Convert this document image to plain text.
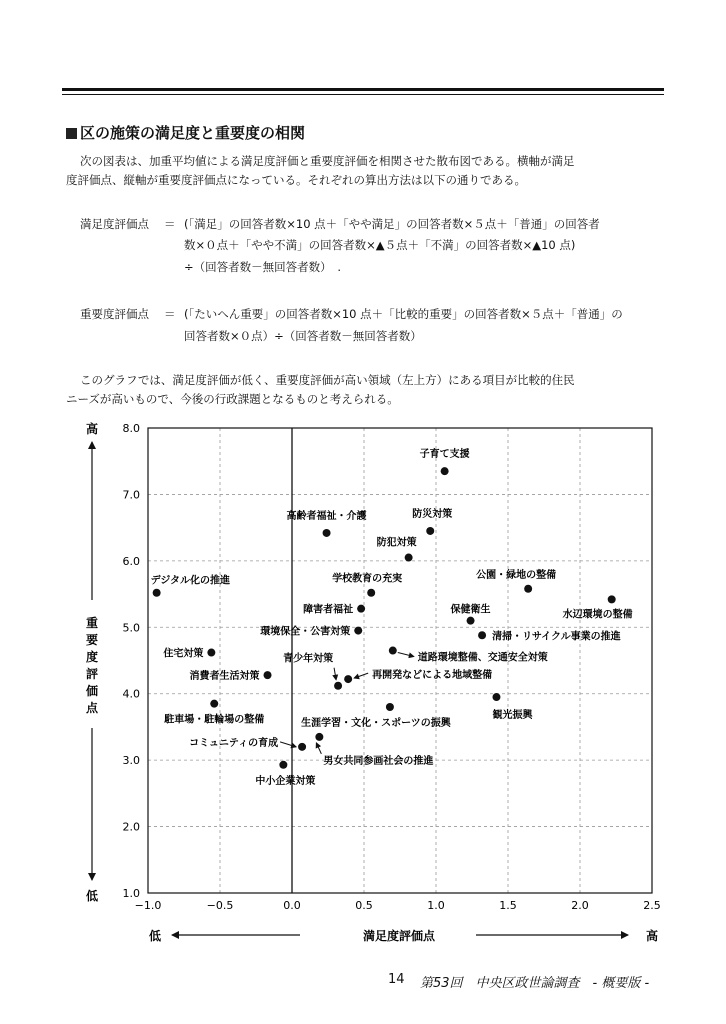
区の施策の満足度と重要度の相関
次の図表は、加重平均値による満足度評価と重要度評価を相関させた散布図である。横軸が満足
度評価点、縦軸が重要度評価点になっている。それぞれの算出方法は以下の通りである。
満足度評価点 ＝ (「満足」の回答者数×10 点＋「やや満足」の回答者数×５点＋「普通」の回答者
数×０点＋「やや不満」の回答者数×▲５点＋「不満」の回答者数×▲10 点)
÷（回答者数－無回答者数）　.
重要度評価点 ＝ (「たいへん重要」の回答者数×10 点＋「比較的重要」の回答者数×５点＋「普通」の
回答者数×０点）÷（回答者数－無回答者数）
このグラフでは、満足度評価が低く、重要度評価が高い領域（左上方）にある項目が比較的住民
ニーズが高いもので、今後の行政課題となるものと考えられる。
−1.0	−0.5	0.0	0.5	1.0	1.5	2.0	2.5
1.0
2.0
3.0
4.0
5.0
6.0
7.0
8.0
子育て支援
高齢者福祉・介護	防災対策
防犯対策
デジタル化の推進	学校教育の充実	公園・緑地の整備
水辺環境の整備
障害者福祉	保健衛生
環境保全・公害対策	清掃・リサイクル事業の推進
住宅対策	道路環境整備、交通安全対策
消費者生活対策
青少年対策
再開発などによる地域整備
観光振興
駐車場・駐輪場の整備	生涯学習・文化・スポーツの振興
男女共同参画社会の推進
コミュニティの育成
中小企業対策
高
重要度評価点
低
低	満足度評価点	高
14 第53回　中央区政世論調査　- 概要版 -
